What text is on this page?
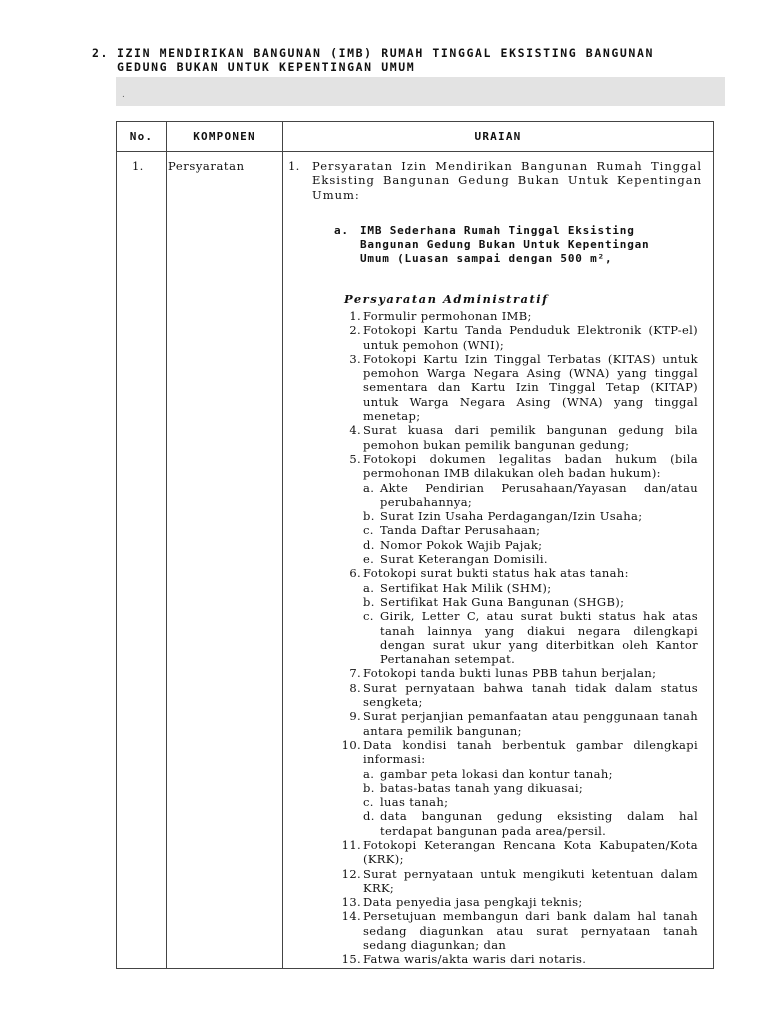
2. IZIN MENDIRIKAN BANGUNAN (IMB) RUMAH TINGGAL EKSISTING BANGUNAN
GEDUNG BUKAN UNTUK KEPENTINGAN UMUM
.
No.	KOMPONEN	URAIAN

1. Persyaratan	1. Persyaratan Izin Mendirikan Bangunan Rumah Tinggal Eksisting Bangunan Gedung Bukan Untuk Kepentingan Umum:
a. IMB Sederhana Rumah Tinggal Eksisting Bangunan Gedung Bukan Untuk Kepentingan Umum (Luasan sampai dengan 500 m²,
Persyaratan Administratif
1. Formulir permohonan IMB;
2. Fotokopi Kartu Tanda Penduduk Elektronik (KTP-el) untuk pemohon (WNI);
3. Fotokopi Kartu Izin Tinggal Terbatas (KITAS) untuk pemohon Warga Negara Asing (WNA) yang tinggal sementara dan Kartu Izin Tinggal Tetap (KITAP) untuk Warga Negara Asing (WNA) yang tinggal menetap;
4. Surat kuasa dari pemilik bangunan gedung bila pemohon bukan pemilik bangunan gedung;
5. Fotokopi dokumen legalitas badan hukum (bila permohonan IMB dilakukan oleh badan hukum):
a. Akte Pendirian Perusahaan/Yayasan dan/atau perubahannya;
b. Surat Izin Usaha Perdagangan/Izin Usaha;
c. Tanda Daftar Perusahaan;
d. Nomor Pokok Wajib Pajak;
e. Surat Keterangan Domisili.
6. Fotokopi surat bukti status hak atas tanah:
a. Sertifikat Hak Milik (SHM);
b. Sertifikat Hak Guna Bangunan (SHGB);
c. Girik, Letter C, atau surat bukti status hak atas tanah lainnya yang diakui negara dilengkapi dengan surat ukur yang diterbitkan oleh Kantor Pertanahan setempat.
7. Fotokopi tanda bukti lunas PBB tahun berjalan;
8. Surat pernyataan bahwa tanah tidak dalam status sengketa;
9. Surat perjanjian pemanfaatan atau penggunaan tanah antara pemilik bangunan;
10. Data kondisi tanah berbentuk gambar dilengkapi informasi:
a. gambar peta lokasi dan kontur tanah;
b. batas-batas tanah yang dikuasai;
c. luas tanah;
d. data bangunan gedung eksisting dalam hal terdapat bangunan pada area/persil.
11. Fotokopi Keterangan Rencana Kota Kabupaten/Kota (KRK);
12. Surat pernyataan untuk mengikuti ketentuan dalam KRK;
13. Data penyedia jasa pengkaji teknis;
14. Persetujuan membangun dari bank dalam hal tanah sedang diagunkan atau surat pernyataan tanah sedang diagunkan; dan
15. Fatwa waris/akta waris dari notaris.
